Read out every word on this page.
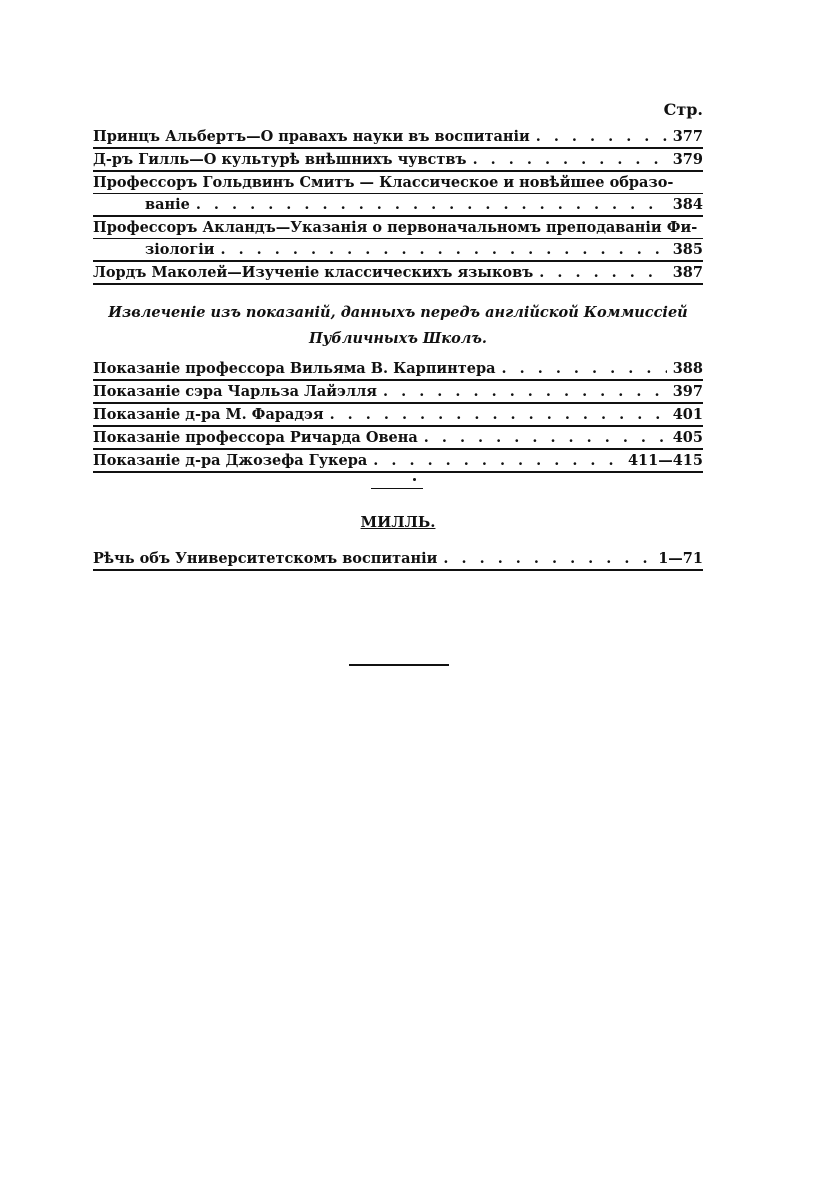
Стр.
Принцъ Альбертъ—О правахъ науки въ воспитаніи . . .	377
Д-ръ Гилль—О культурѣ внѣшнихъ чувствъ . . .	379
Профессоръ Гольдвинъ Смитъ — Классическое и новѣйшее образо-
ваніе . . .	384
Профессоръ Акландъ—Указанія о первоначальномъ преподаваніи Фи-
зіологіи . . .	385
Лордъ Маколей—Изученіе классическихъ языковъ . . .	387
Извлеченіе изъ показаній, данныхъ передъ англійской Коммиссіей
Публичныхъ Школъ.
Показаніе профессора Вильяма В. Карпинтера . . .	388
Показаніе сэра Чарльза Лайэлля . . .	397
Показаніе д-ра М. Фарадэя . . .	401
Показаніе профессора Ричарда Овена . . .	405
Показаніе д-ра Джозефа Гукера . . .	411—415
МИЛЛЬ.
Рѣчь объ Университетскомъ воспитаніи . . .	1—71
